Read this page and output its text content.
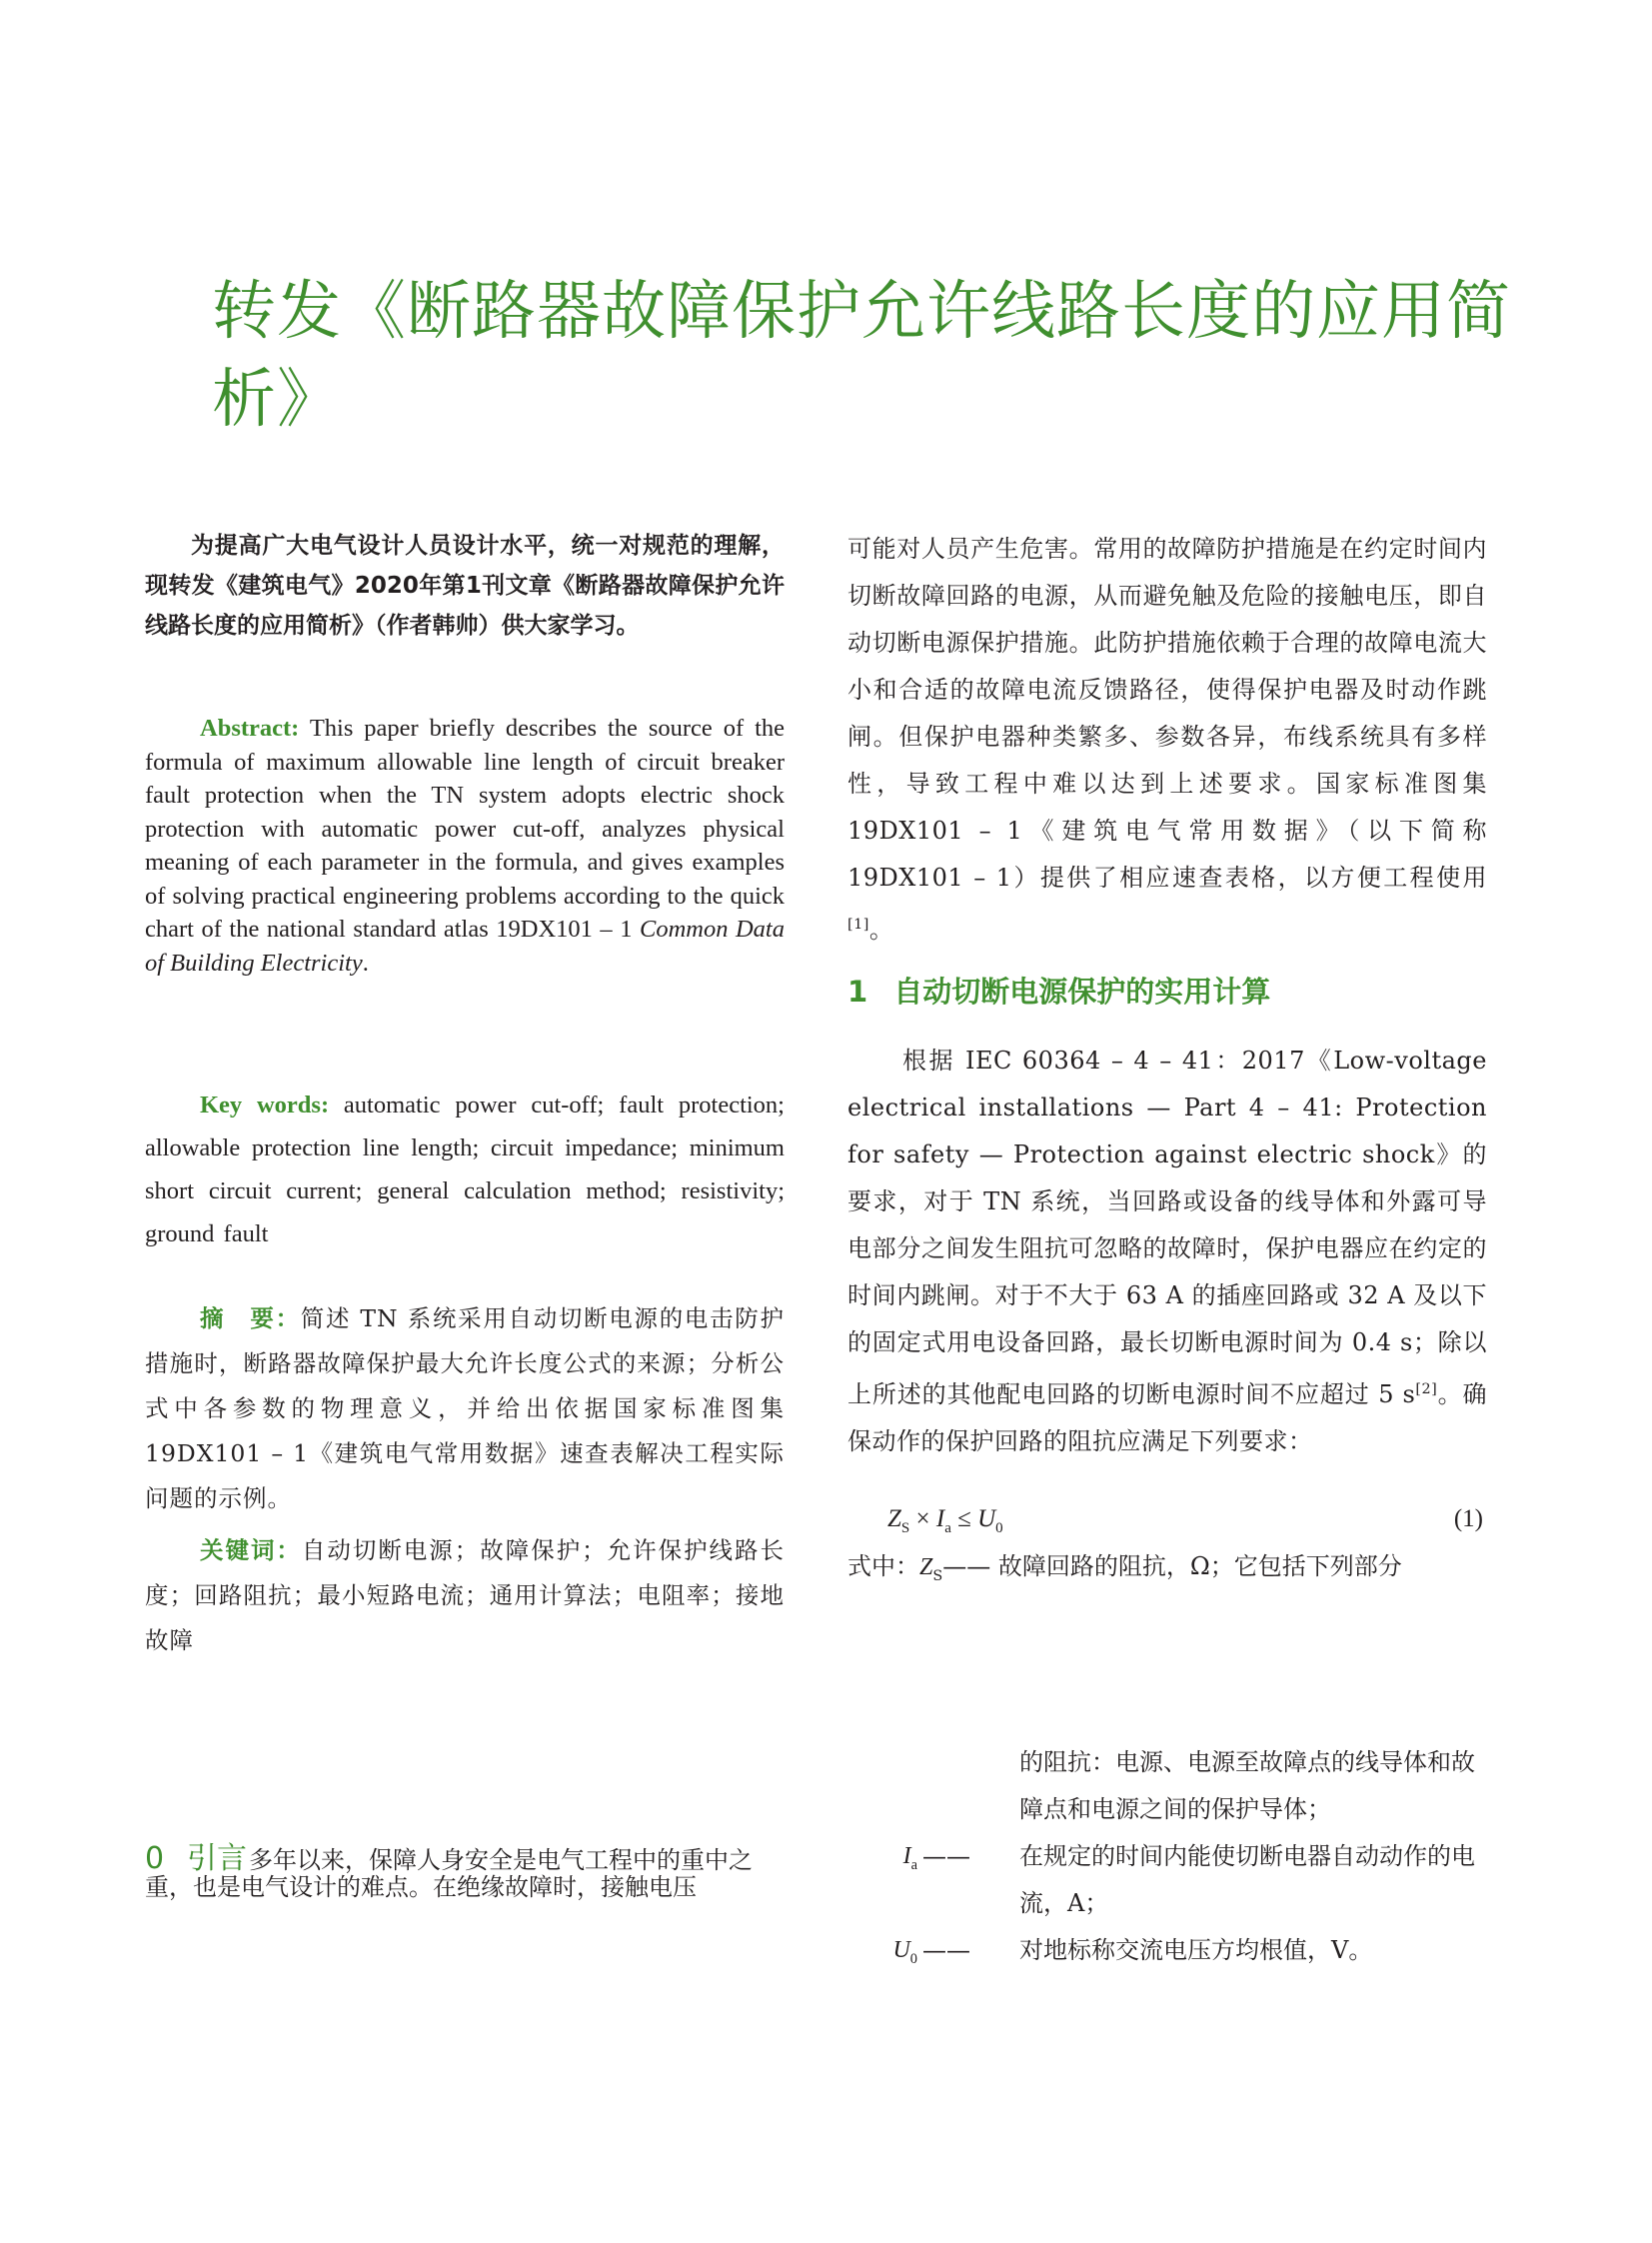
转发《断路器故障保护允许线路长度的应用简析》

为提高广大电气设计人员设计水平，统一对规范的理解，现转发《建筑电气》2020年第1刊文章《断路器故障保护允许线路长度的应用简析》（作者韩帅）供大家学习。

Abstract: This paper briefly describes the source of the formula of maximum allowable line length of circuit breaker fault protection when the TN system adopts electric shock protection with automatic power cut-off, analyzes physical meaning of each parameter in the formula, and gives examples of solving practical engineering problems according to the quick chart of the national standard atlas 19DX101 – 1 Common Data of Building Electricity.

Key words: automatic power cut-off; fault protection; allowable protection line length; circuit impedance; minimum short circuit current; general calculation method; resistivity; ground fault

摘　要：简述 TN 系统采用自动切断电源的电击防护措施时，断路器故障保护最大允许长度公式的来源；分析公式中各参数的物理意义，并给出依据国家标准图集 19DX101 – 1《建筑电气常用数据》速查表解决工程实际问题的示例。

关键词：自动切断电源；故障保护；允许保护线路长度；回路阻抗；最小短路电流；通用计算法；电阻率；接地故障

0 引言多年以来，保障人身安全是电气工程中的重中之重，也是电气设计的难点。在绝缘故障时，接触电压

可能对人员产生危害。常用的故障防护措施是在约定时间内切断故障回路的电源，从而避免触及危险的接触电压，即自动切断电源保护措施。此防护措施依赖于合理的故障电流大小和合适的故障电流反馈路径，使得保护电器及时动作跳闸。但保护电器种类繁多、参数各异，布线系统具有多样性，导致工程中难以达到上述要求。国家标准图集 19DX101 – 1《建筑电气常用数据》（以下简称 19DX101 – 1）提供了相应速查表格，以方便工程使用[1]。

1 自动切断电源保护的实用计算

根据 IEC 60364 – 4 – 41：2017《Low-voltage electrical installations — Part 4 – 41: Protection for safety — Protection against electric shock》的要求，对于 TN 系统，当回路或设备的线导体和外露可导电部分之间发生阻抗可忽略的故障时，保护电器应在约定的时间内跳闸。对于不大于 63 A 的插座回路或 32 A 及以下的固定式用电设备回路，最长切断电源时间为 0.4 s；除以上所述的其他配电回路的切断电源时间不应超过 5 s[2]。确保动作的保护回路的阻抗应满足下列要求：

$Z_S \times I_a \le U_0$	(1)

式中：$Z_S——$ 故障回路的阻抗，Ω；它包括下列部分

的阻抗：电源、电源至故障点的线导体和故障点和电源之间的保护导体；
$I_a$ —— 在规定的时间内能使切断电器自动动作的电流，A；
$U_0$ —— 对地标称交流电压方均根值，V。
